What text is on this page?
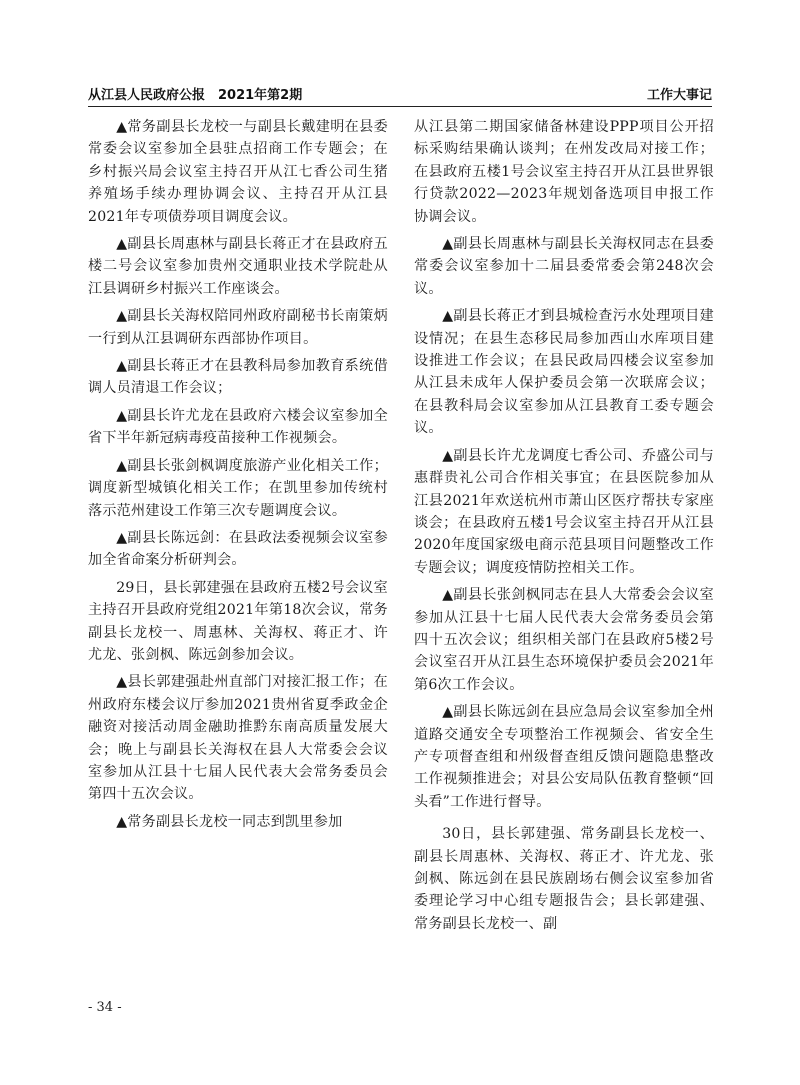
从江县人民政府公报　2021年第2期	工作大事记

▲常务副县长龙校一与副县长戴建明在县委常委会议室参加全县驻点招商工作专题会；在乡村振兴局会议室主持召开从江七香公司生猪养殖场手续办理协调会议、主持召开从江县2021年专项债券项目调度会议。

▲副县长周惠林与副县长蒋正才在县政府五楼二号会议室参加贵州交通职业技术学院赴从江县调研乡村振兴工作座谈会。

▲副县长关海权陪同州政府副秘书长南策炳一行到从江县调研东西部协作项目。

▲副县长蒋正才在县教科局参加教育系统借调人员清退工作会议；

▲副县长许尤龙在县政府六楼会议室参加全省下半年新冠病毒疫苗接种工作视频会。

▲副县长张剑枫调度旅游产业化相关工作；调度新型城镇化相关工作；在凯里参加传统村落示范州建设工作第三次专题调度会议。

▲副县长陈远剑：在县政法委视频会议室参加全省命案分析研判会。

29日，县长郭建强在县政府五楼2号会议室主持召开县政府党组2021年第18次会议，常务副县长龙校一、周惠林、关海权、蒋正才、许尤龙、张剑枫、陈远剑参加会议。

▲县长郭建强赴州直部门对接汇报工作；在州政府东楼会议厅参加2021贵州省夏季政金企融资对接活动周金融助推黔东南高质量发展大会；晚上与副县长关海权在县人大常委会会议室参加从江县十七届人民代表大会常务委员会第四十五次会议。

▲常务副县长龙校一同志到凯里参加

从江县第二期国家储备林建设PPP项目公开招标采购结果确认谈判；在州发改局对接工作；在县政府五楼1号会议室主持召开从江县世界银行贷款2022—2023年规划备选项目申报工作协调会议。

▲副县长周惠林与副县长关海权同志在县委常委会议室参加十二届县委常委会第248次会议。

▲副县长蒋正才到县城检查污水处理项目建设情况；在县生态移民局参加西山水库项目建设推进工作会议；在县民政局四楼会议室参加从江县未成年人保护委员会第一次联席会议；在县教科局会议室参加从江县教育工委专题会议。

▲副县长许尤龙调度七香公司、乔盛公司与惠群贵礼公司合作相关事宜；在县医院参加从江县2021年欢送杭州市萧山区医疗帮扶专家座谈会；在县政府五楼1号会议室主持召开从江县2020年度国家级电商示范县项目问题整改工作专题会议；调度疫情防控相关工作。

▲副县长张剑枫同志在县人大常委会会议室参加从江县十七届人民代表大会常务委员会第四十五次会议；组织相关部门在县政府5楼2号会议室召开从江县生态环境保护委员会2021年第6次工作会议。

▲副县长陈远剑在县应急局会议室参加全州道路交通安全专项整治工作视频会、省安全生产专项督查组和州级督查组反馈问题隐患整改工作视频推进会；对县公安局队伍教育整顿“回头看”工作进行督导。

30日，县长郭建强、常务副县长龙校一、副县长周惠林、关海权、蒋正才、许尤龙、张剑枫、陈远剑在县民族剧场右侧会议室参加省委理论学习中心组专题报告会；县长郭建强、常务副县长龙校一、副

- 34 -
